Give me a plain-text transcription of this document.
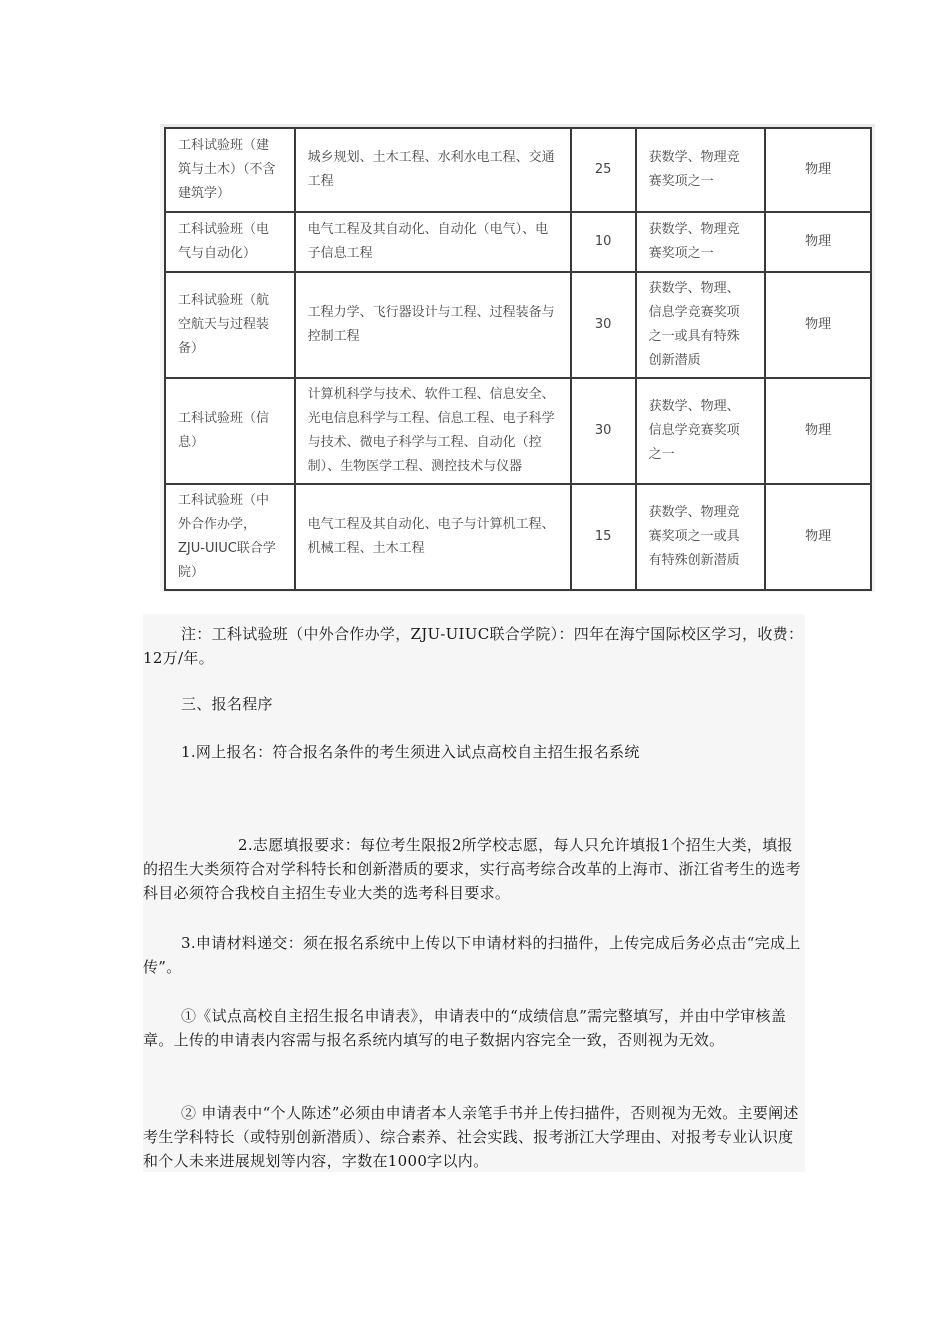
工科试验班（建筑与土木）（不含建筑学）	城乡规划、土木工程、水利水电工程、交通工程	25	获数学、物理竞赛奖项之一	物理
工科试验班（电气与自动化）	电气工程及其自动化、自动化（电气）、电子信息工程	10	获数学、物理竞赛奖项之一	物理
工科试验班（航空航天与过程装备）	工程力学、飞行器设计与工程、过程装备与控制工程	30	获数学、物理、信息学竞赛奖项之一或具有特殊创新潜质	物理
工科试验班（信息）	计算机科学与技术、软件工程、信息安全、光电信息科学与工程、信息工程、电子科学与技术、微电子科学与工程、自动化（控制）、生物医学工程、测控技术与仪器	30	获数学、物理、信息学竞赛奖项之一	物理
工科试验班（中外合作办学，ZJU-UIUC联合学院）	电气工程及其自动化、电子与计算机工程、机械工程、土木工程	15	获数学、物理竞赛奖项之一或具有特殊创新潜质	物理

注：工科试验班（中外合作办学，ZJU-UIUC联合学院）：四年在海宁国际校区学习，收费：12万/年。

三、报名程序

1.网上报名：符合报名条件的考生须进入试点高校自主招生报名系统

2.志愿填报要求：每位考生限报2所学校志愿，每人只允许填报1个招生大类，填报的招生大类须符合对学科特长和创新潜质的要求，实行高考综合改革的上海市、浙江省考生的选考科目必须符合我校自主招生专业大类的选考科目要求。

3.申请材料递交：须在报名系统中上传以下申请材料的扫描件，上传完成后务必点击“完成上传”。

①《试点高校自主招生报名申请表》，申请表中的“成绩信息”需完整填写，并由中学审核盖章。上传的申请表内容需与报名系统内填写的电子数据内容完全一致，否则视为无效。

② 申请表中“个人陈述”必须由申请者本人亲笔手书并上传扫描件，否则视为无效。主要阐述考生学科特长（或特别创新潜质）、综合素养、社会实践、报考浙江大学理由、对报考专业认识度和个人未来进展规划等内容，字数在1000字以内。
